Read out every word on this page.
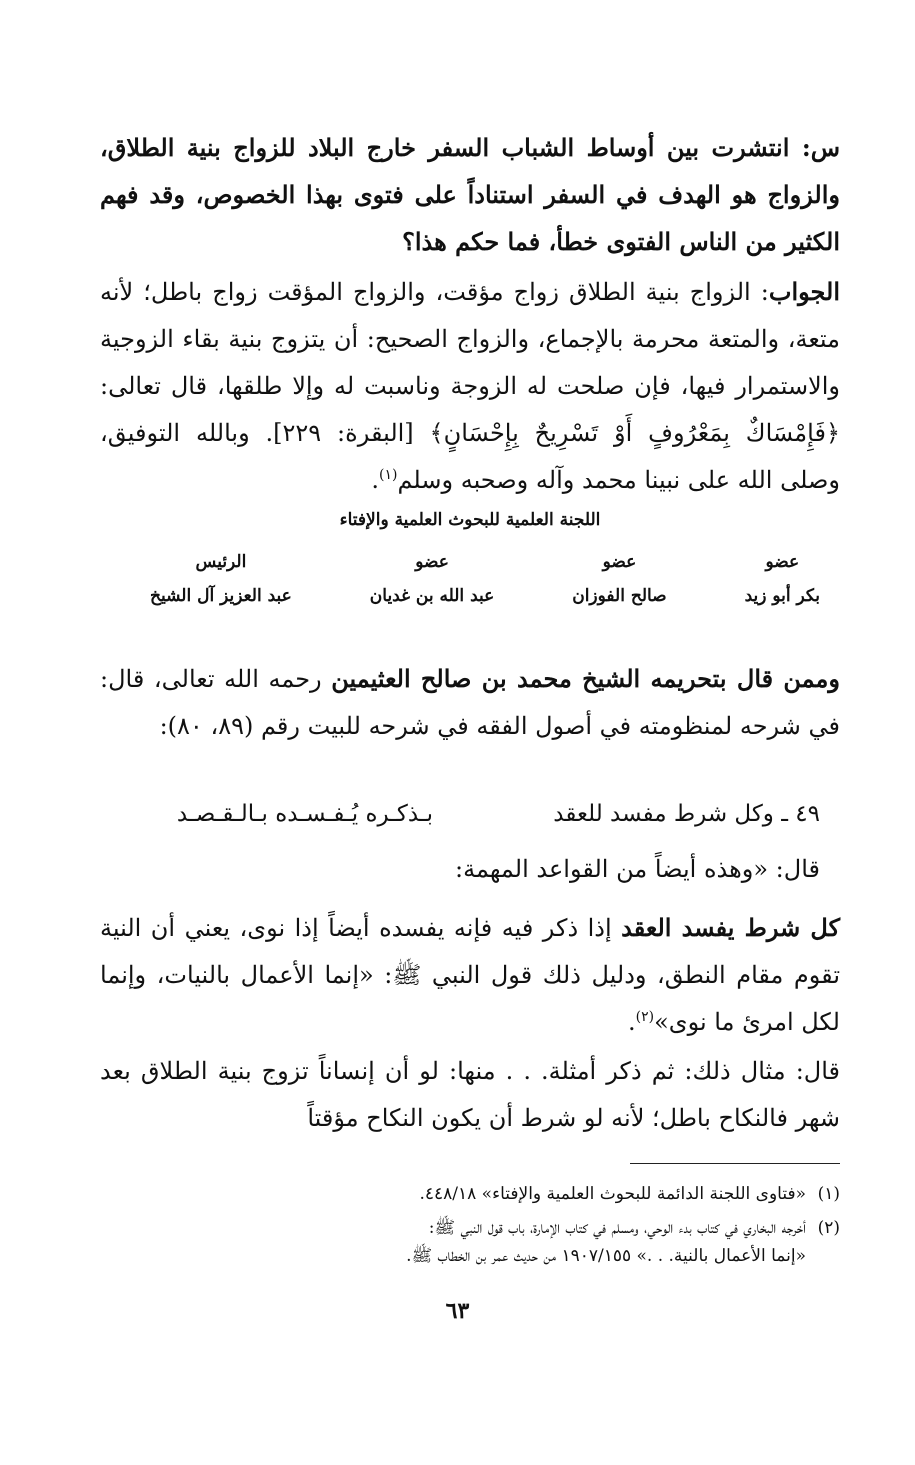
س: انتشرت بين أوساط الشباب السفر خارج البلاد للزواج بنية الطلاق، والزواج هو الهدف في السفر استناداً على فتوى بهذا الخصوص، وقد فهم الكثير من الناس الفتوى خطأ، فما حكم هذا؟
الجواب: الزواج بنية الطلاق زواج مؤقت، والزواج المؤقت زواج باطل؛ لأنه متعة، والمتعة محرمة بالإجماع، والزواج الصحيح: أن يتزوج بنية بقاء الزوجية والاستمرار فيها، فإن صلحت له الزوجة وناسبت له وإلا طلقها، قال تعالى: ﴿فَإِمْسَاكٌ بِمَعْرُوفٍ أَوْ تَسْرِيحٌ بِإِحْسَانٍ﴾ [البقرة: ٢٢٩]. وبالله التوفيق، وصلى الله على نبينا محمد وآله وصحبه وسلم$^{(١)}$.
اللجنة العلمية للبحوث العلمية والإفتاء
عضو
بكر أبو زيد
عضو
صالح الفوزان
عضو
عبد الله بن غديان
الرئيس
عبد العزيز آل الشيخ
وممن قال بتحريمه الشيخ محمد بن صالح العثيمين رحمه الله تعالى، قال: في شرحه لمنظومته في أصول الفقه في شرحه للبيت رقم (٨٩، ٨٠):
٤٩ ـ وكل شرط مفسد للعقد
بـذكـره يُـفـسـده بـالـقـصـد
قال: «وهذه أيضاً من القواعد المهمة:
كل شرط يفسد العقد إذا ذكر فيه فإنه يفسده أيضاً إذا نوى، يعني أن النية تقوم مقام النطق، ودليل ذلك قول النبي ﷺ: «إنما الأعمال بالنيات، وإنما لكل امرئ ما نوى»$^{(٢)}$.
قال: مثال ذلك: ثم ذكر أمثلة. . . منها: لو أن إنساناً تزوج بنية الطلاق بعد شهر فالنكاح باطل؛ لأنه لو شرط أن يكون النكاح مؤقتاً
(١)«فتاوى اللجنة الدائمة للبحوث العلمية والإفتاء» ٤٤٨/١٨.
(٢)أخرجه البخاري في كتاب بدء الوحي، ومسلم في كتاب الإمارة، باب قول النبي ﷺ:
«إنما الأعمال بالنية. . .» ١٩٠٧/١٥٥ من حديث عمر بن الخطاب ﷺ.
٦٣
